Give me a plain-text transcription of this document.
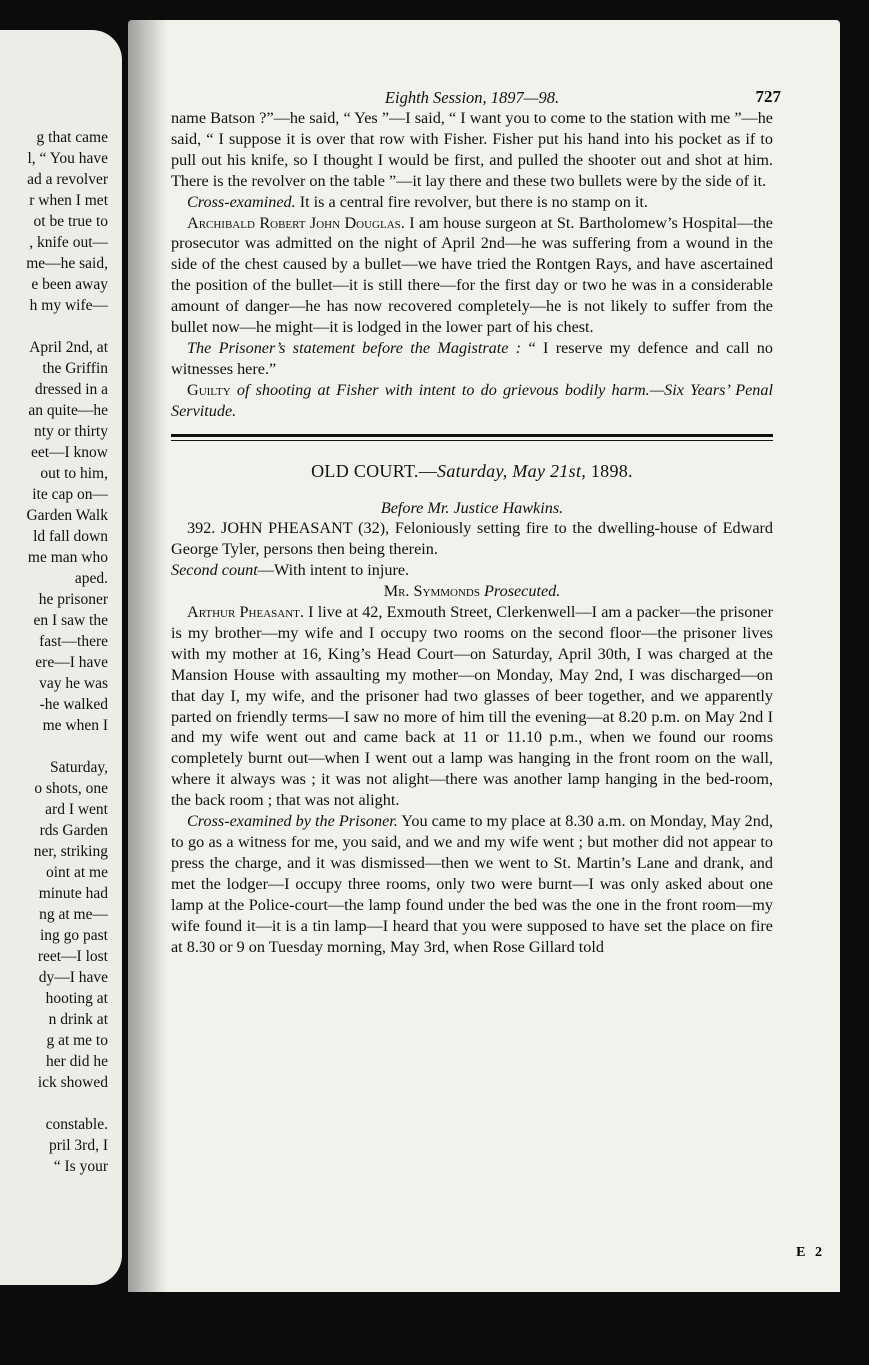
g that came
l, “ You have
ad a revolver
r when I met
ot be true to
, knife out—
me—he said,
e been away
h my wife—
April 2nd, at
the Griffin
dressed in a
an quite—he
nty or thirty
eet—I know
out to him,
ite cap on—
Garden Walk
ld fall down
me man who
aped.
he prisoner
en I saw the
fast—there
ere—I have
vay he was
-he walked
me when I
Saturday,
o shots, one
ard I went
rds Garden
ner, striking
oint at me
minute had
ng at me—
ing go past
reet—I lost
dy—I have
hooting at
n drink at
g at me to
her did he
ick showed
constable.
pril 3rd, I
“ Is your
Eighth Session, 1897—98.	727

name Batson ?”—he said, “ Yes ”—I said, “ I want you to come to the station with me ”—he said, “ I suppose it is over that row with Fisher. Fisher put his hand into his pocket as if to pull out his knife, so I thought I would be first, and pulled the shooter out and shot at him. There is the revolver on the table ”—it lay there and these two bullets were by the side of it.

Cross-examined. It is a central fire revolver, but there is no stamp on it.

Archibald Robert John Douglas. I am house surgeon at St. Bartholomew’s Hospital—the prosecutor was admitted on the night of April 2nd—he was suffering from a wound in the side of the chest caused by a bullet—we have tried the Rontgen Rays, and have ascertained the position of the bullet—it is still there—for the first day or two he was in a considerable amount of danger—he has now recovered completely—he is not likely to suffer from the bullet now—he might—it is lodged in the lower part of his chest.

The Prisoner’s statement before the Magistrate : “ I reserve my defence and call no witnesses here.”

Guilty of shooting at Fisher with intent to do grievous bodily harm.—Six Years’ Penal Servitude.

OLD COURT.—Saturday, May 21st, 1898.

Before Mr. Justice Hawkins.

392. JOHN PHEASANT (32), Feloniously setting fire to the dwelling-house of Edward George Tyler, persons then being therein.

Second count—With intent to injure.

Mr. Symmonds Prosecuted.

Arthur Pheasant. I live at 42, Exmouth Street, Clerkenwell—I am a packer—the prisoner is my brother—my wife and I occupy two rooms on the second floor—the prisoner lives with my mother at 16, King’s Head Court—on Saturday, April 30th, I was charged at the Mansion House with assaulting my mother—on Monday, May 2nd, I was discharged—on that day I, my wife, and the prisoner had two glasses of beer together, and we apparently parted on friendly terms—I saw no more of him till the evening—at 8.20 p.m. on May 2nd I and my wife went out and came back at 11 or 11.10 p.m., when we found our rooms completely burnt out—when I went out a lamp was hanging in the front room on the wall, where it always was ; it was not alight—there was another lamp hanging in the bed-room, the back room ; that was not alight.

Cross-examined by the Prisoner. You came to my place at 8.30 a.m. on Monday, May 2nd, to go as a witness for me, you said, and we and my wife went ; but mother did not appear to press the charge, and it was dismissed—then we went to St. Martin’s Lane and drank, and met the lodger—I occupy three rooms, only two were burnt—I was only asked about one lamp at the Police-court—the lamp found under the bed was the one in the front room—my wife found it—it is a tin lamp—I heard that you were supposed to have set the place on fire at 8.30 or 9 on Tuesday morning, May 3rd, when Rose Gillard told

E 2
